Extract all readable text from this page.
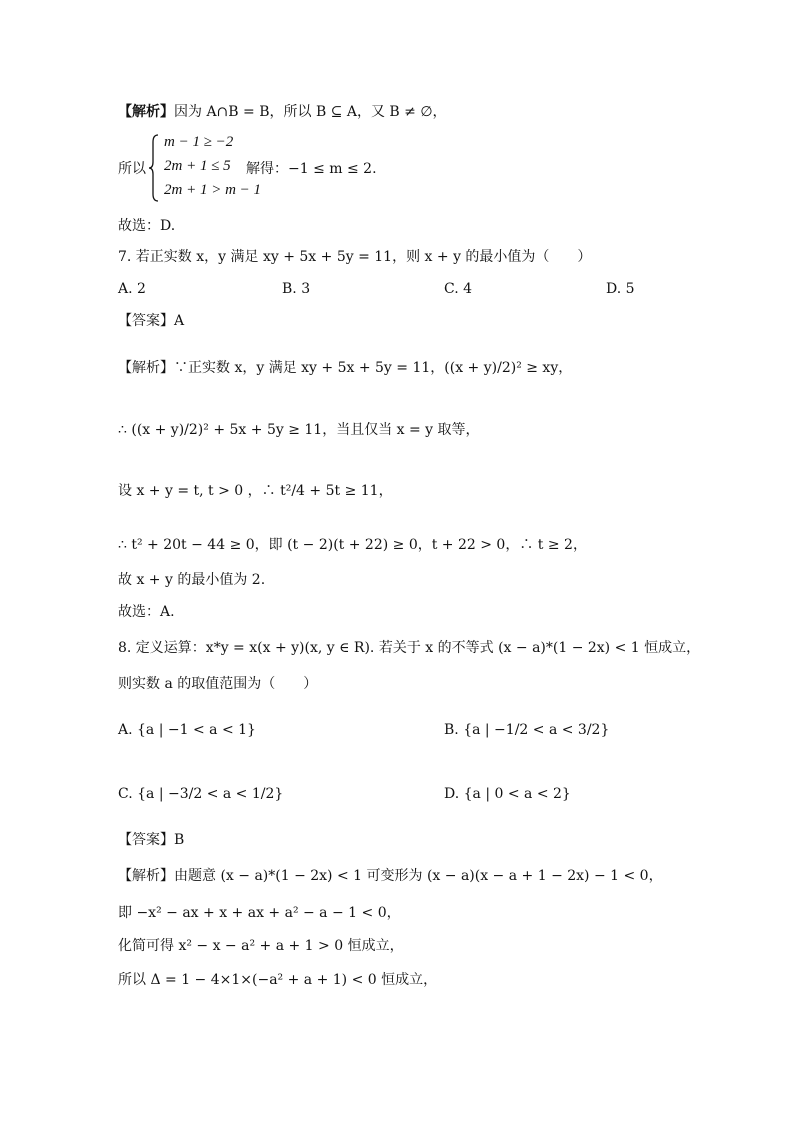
【解析】因为 A∩B = B，所以 B ⊆ A，又 B ≠ ∅，
所以
m − 1 ≥ −2
2m + 1 ≤ 5
2m + 1 > m − 1
解得：−1 ≤ m ≤ 2.
故选：D.
7. 若正实数 x，y 满足 xy + 5x + 5y = 11，则 x + y 的最小值为（　　）
A. 2	B. 3	C. 4	D. 5
【答案】A
【解析】∵正实数 x，y 满足 xy + 5x + 5y = 11，((x + y)/2)² ≥ xy，
∴ ((x + y)/2)² + 5x + 5y ≥ 11，当且仅当 x = y 取等，
设 x + y = t, t > 0 ，∴ t²/4 + 5t ≥ 11，
∴ t² + 20t − 44 ≥ 0，即 (t − 2)(t + 22) ≥ 0，t + 22 > 0，∴ t ≥ 2，
故 x + y 的最小值为 2.
故选：A.
8. 定义运算：x*y = x(x + y)(x, y ∈ R). 若关于 x 的不等式 (x − a)*(1 − 2x) < 1 恒成立，
则实数 a 的取值范围为（　　）
A. {a | −1 < a < 1}	B. {a | −1/2 < a < 3/2}
C. {a | −3/2 < a < 1/2}	D. {a | 0 < a < 2}
【答案】B
【解析】由题意 (x − a)*(1 − 2x) < 1 可变形为 (x − a)(x − a + 1 − 2x) − 1 < 0，
即 −x² − ax + x + ax + a² − a − 1 < 0，
化简可得 x² − x − a² + a + 1 > 0 恒成立，
所以 Δ = 1 − 4×1×(−a² + a + 1) < 0 恒成立，
